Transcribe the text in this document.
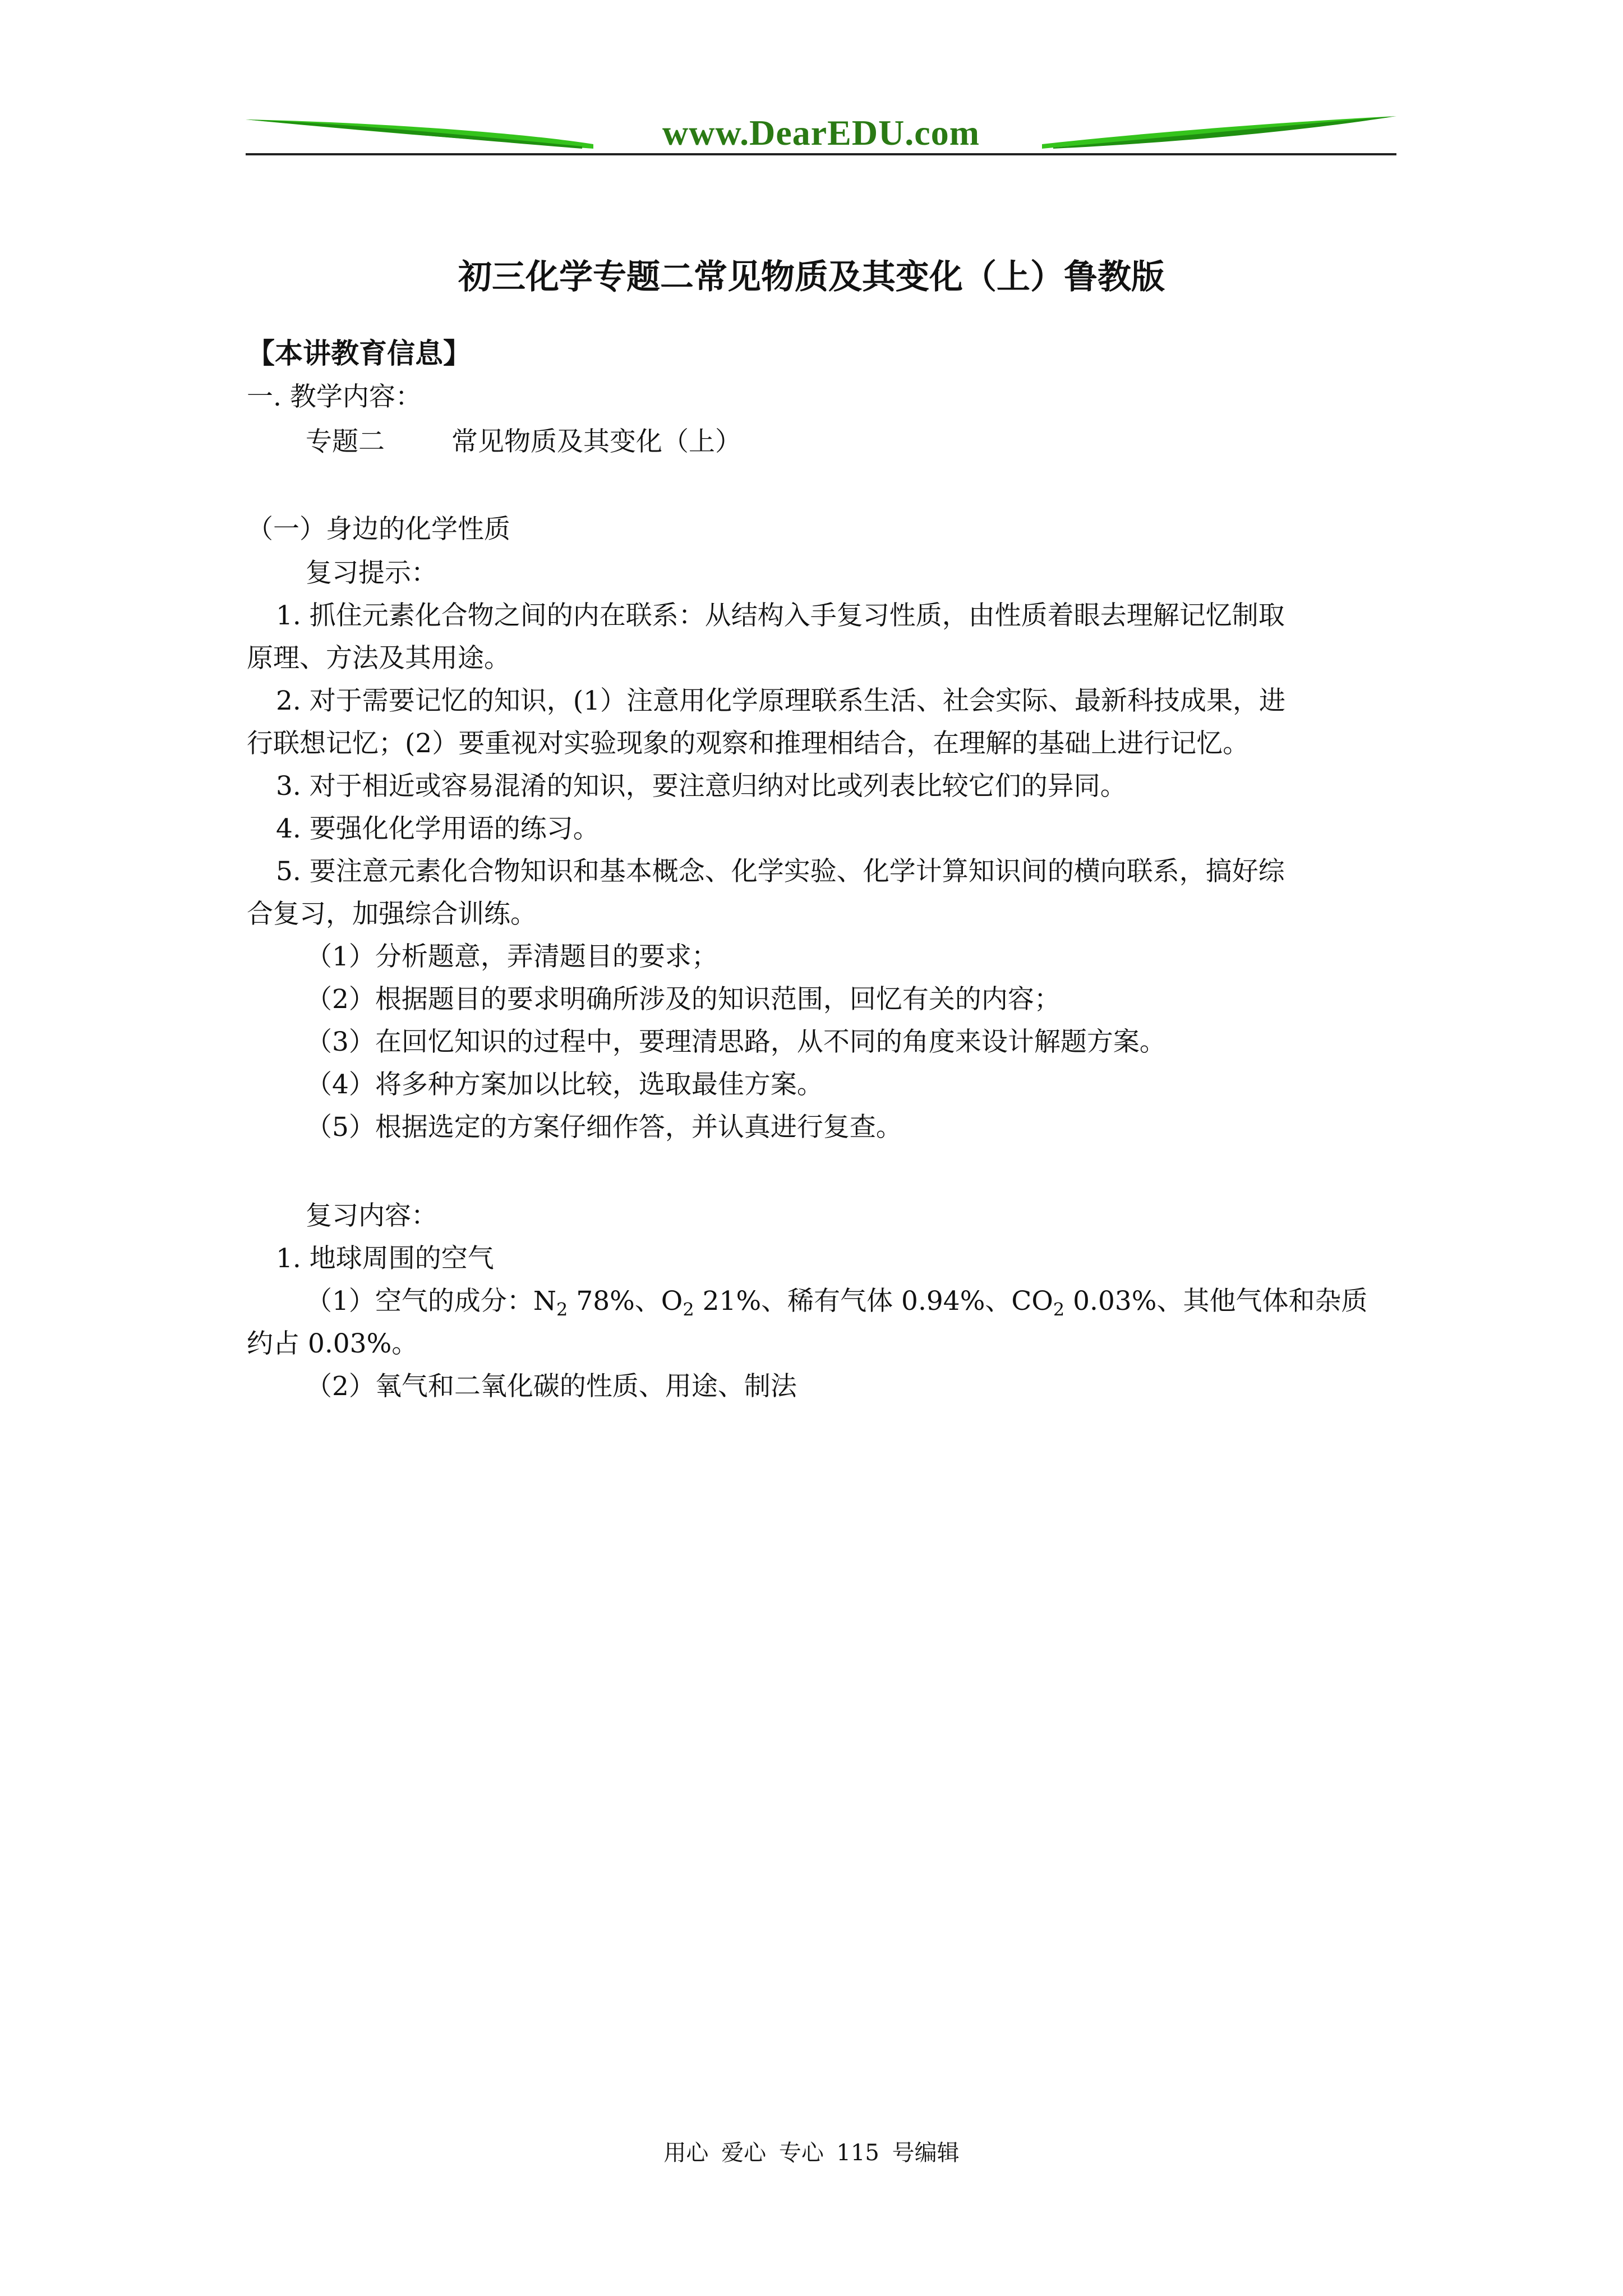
www.DearEDU.com
初三化学专题二常见物质及其变化（上）鲁教版
【本讲教育信息】
一. 教学内容：
专题二	常见物质及其变化（上）
（一）身边的化学性质
复习提示：
1. 抓住元素化合物之间的内在联系：从结构入手复习性质，由性质着眼去理解记忆制取
原理、方法及其用途。
2. 对于需要记忆的知识，(1）注意用化学原理联系生活、社会实际、最新科技成果，进
行联想记忆；(2）要重视对实验现象的观察和推理相结合，在理解的基础上进行记忆。
3. 对于相近或容易混淆的知识，要注意归纳对比或列表比较它们的异同。
4. 要强化化学用语的练习。
5. 要注意元素化合物知识和基本概念、化学实验、化学计算知识间的横向联系，搞好综
合复习，加强综合训练。
（1）分析题意，弄清题目的要求；
（2）根据题目的要求明确所涉及的知识范围，回忆有关的内容；
（3）在回忆知识的过程中，要理清思路，从不同的角度来设计解题方案。
（4）将多种方案加以比较，选取最佳方案。
（5）根据选定的方案仔细作答，并认真进行复查。
复习内容：
1. 地球周围的空气
（1）空气的成分：$N_2$ 78%、$O_2$ 21%、稀有气体 0.94%、$CO_2$ 0.03%、其他气体和杂质
约占 0.03%。
（2）氧气和二氧化碳的性质、用途、制法
用心 爱心 专心 115 号编辑
